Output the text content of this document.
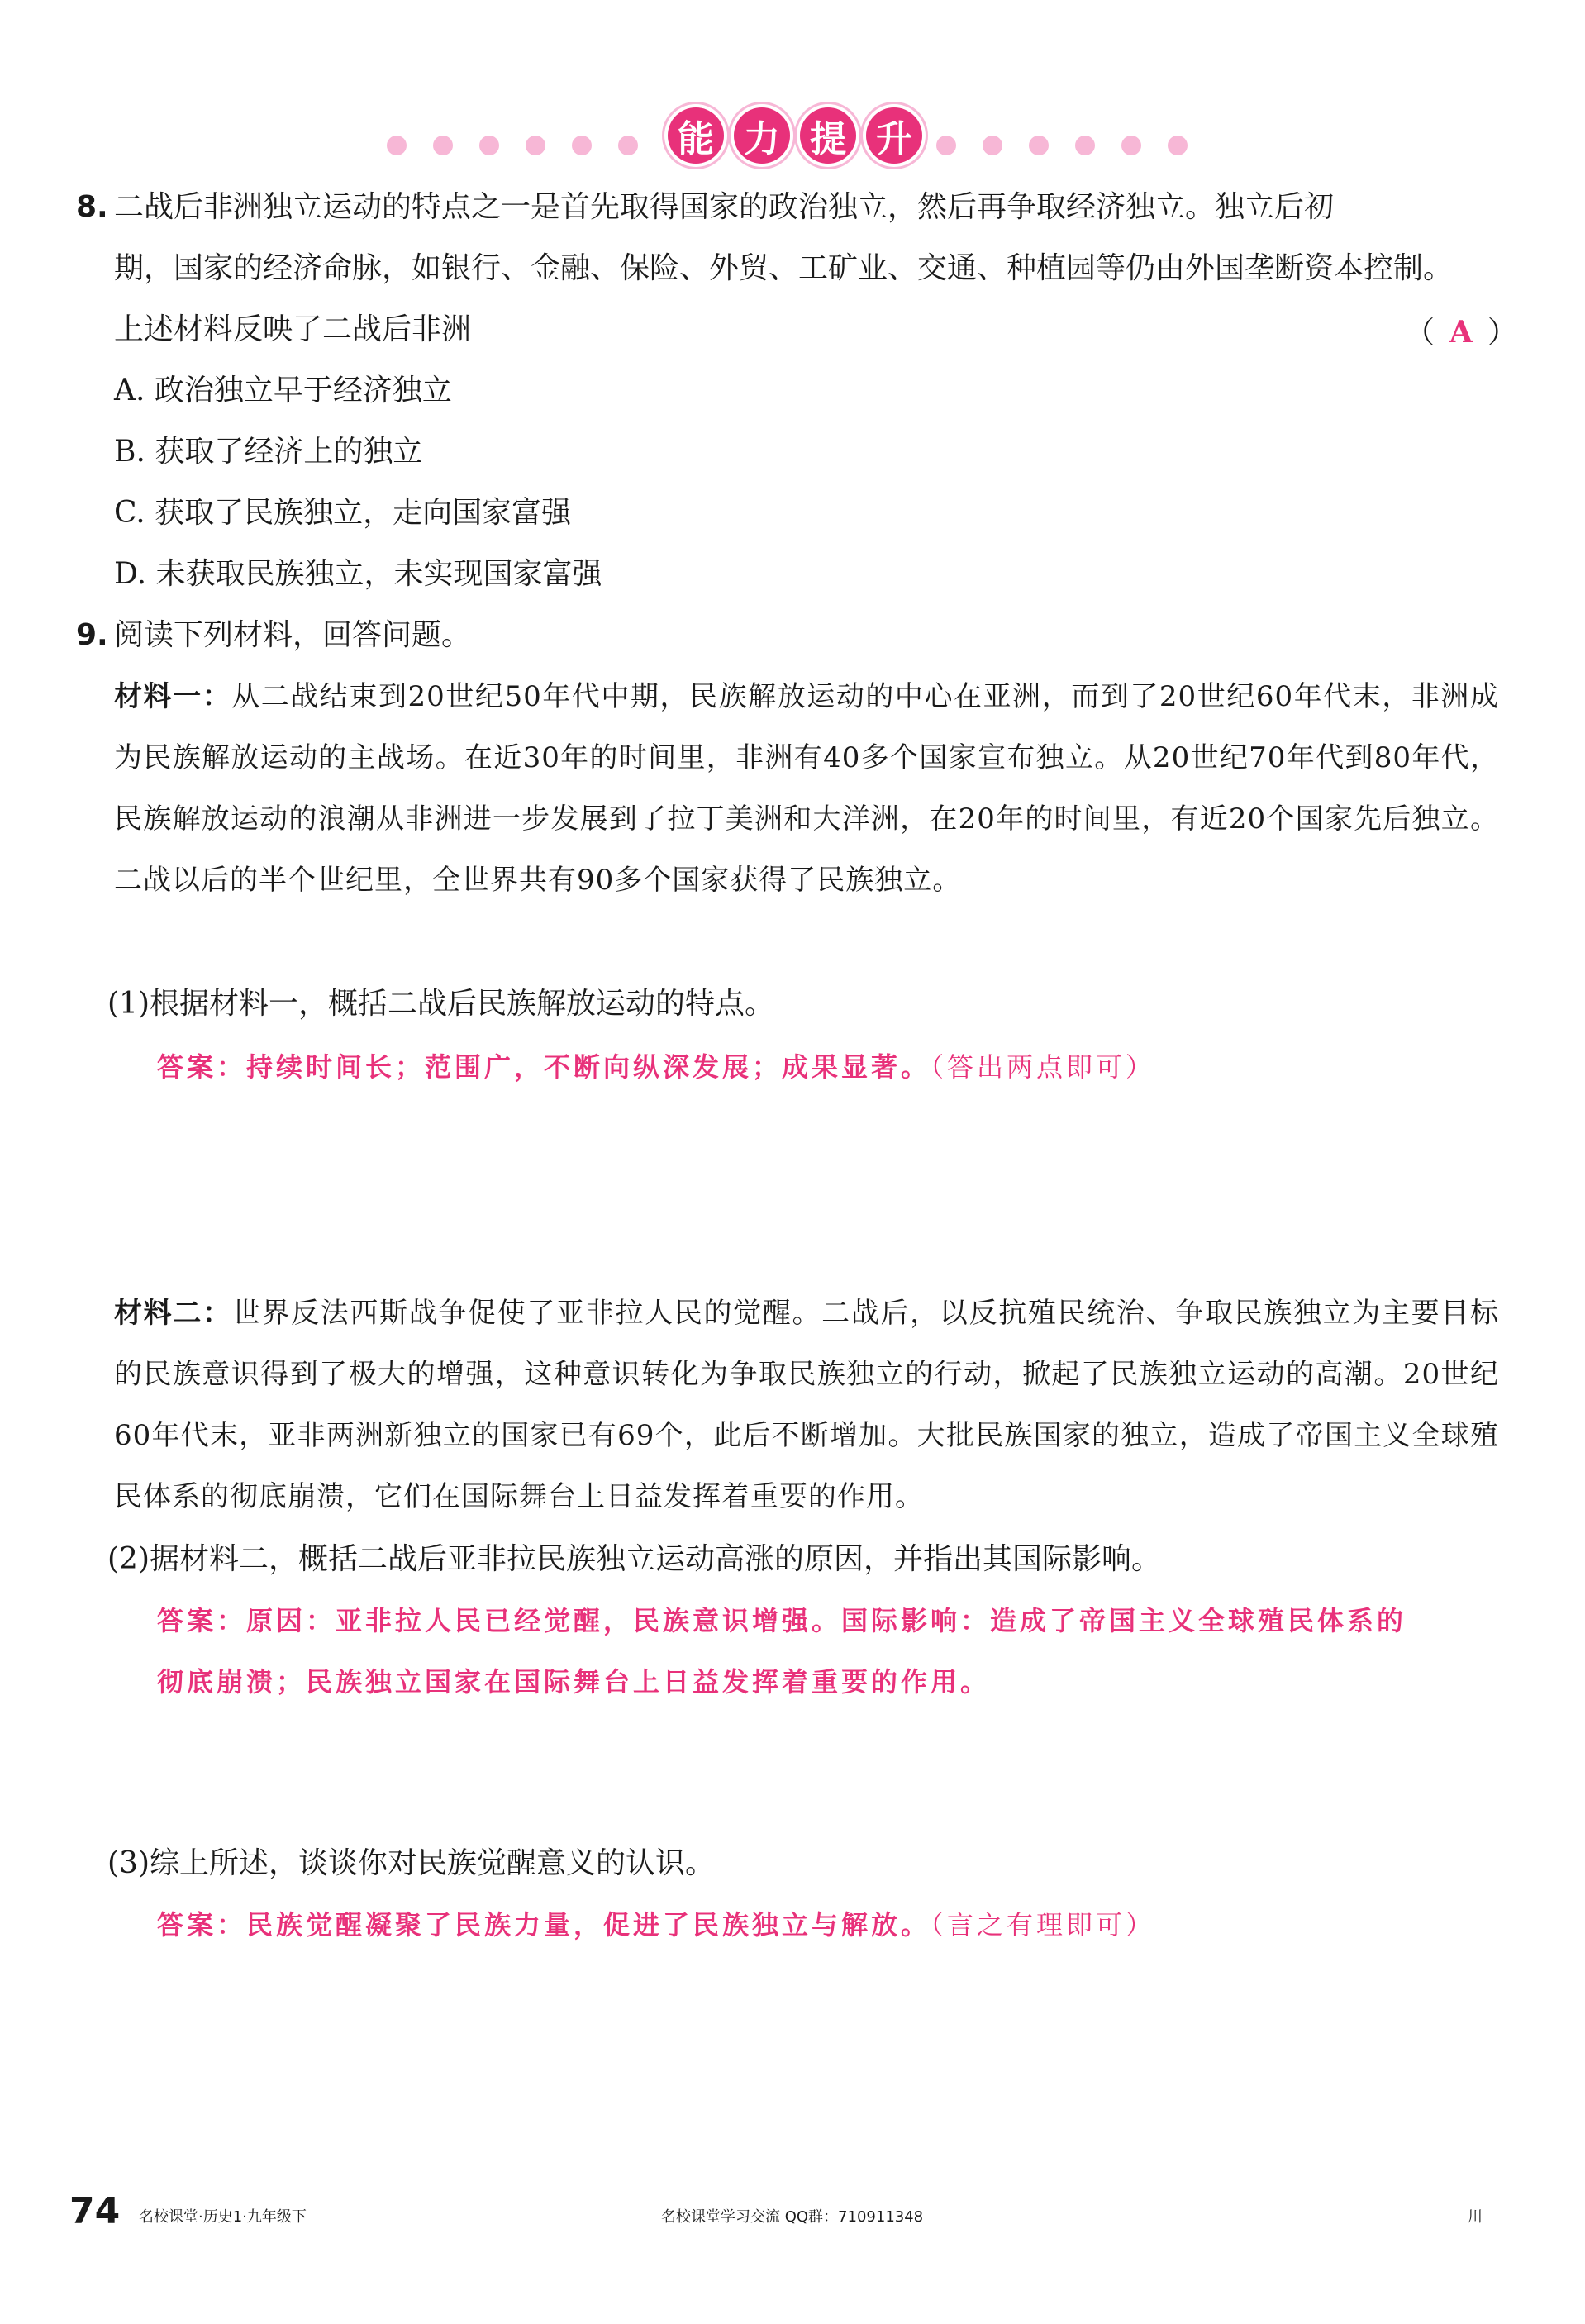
能 力 提 升
8. 二战后非洲独立运动的特点之一是首先取得国家的政治独立，然后再争取经济独立。独立后初
期，国家的经济命脉，如银行、金融、保险、外贸、工矿业、交通、种植园等仍由外国垄断资本控制。
上述材料反映了二战后非洲	（ A ）
A. 政治独立早于经济独立
B. 获取了经济上的独立
C. 获取了民族独立，走向国家富强
D. 未获取民族独立，未实现国家富强
9. 阅读下列材料，回答问题。
材料一：从二战结束到20世纪50年代中期，民族解放运动的中心在亚洲，而到了20世纪60年代末，非洲成为民族解放运动的主战场。在近30年的时间里，非洲有40多个国家宣布独立。从20世纪70年代到80年代，民族解放运动的浪潮从非洲进一步发展到了拉丁美洲和大洋洲，在20年的时间里，有近20个国家先后独立。二战以后的半个世纪里，全世界共有90多个国家获得了民族独立。
(1)根据材料一，概括二战后民族解放运动的特点。
答案：持续时间长；范围广，不断向纵深发展；成果显著。（答出两点即可）
材料二：世界反法西斯战争促使了亚非拉人民的觉醒。二战后，以反抗殖民统治、争取民族独立为主要目标的民族意识得到了极大的增强，这种意识转化为争取民族独立的行动，掀起了民族独立运动的高潮。20世纪60年代末，亚非两洲新独立的国家已有69个，此后不断增加。大批民族国家的独立，造成了帝国主义全球殖民体系的彻底崩溃，它们在国际舞台上日益发挥着重要的作用。
(2)据材料二，概括二战后亚非拉民族独立运动高涨的原因，并指出其国际影响。
答案：原因：亚非拉人民已经觉醒，民族意识增强。国际影响：造成了帝国主义全球殖民体系的
彻底崩溃；民族独立国家在国际舞台上日益发挥着重要的作用。
(3)综上所述，谈谈你对民族觉醒意义的认识。
答案：民族觉醒凝聚了民族力量，促进了民族独立与解放。（言之有理即可）
74 名校课堂·历史1·九年级下	名校课堂学习交流 QQ群：710911348	川
